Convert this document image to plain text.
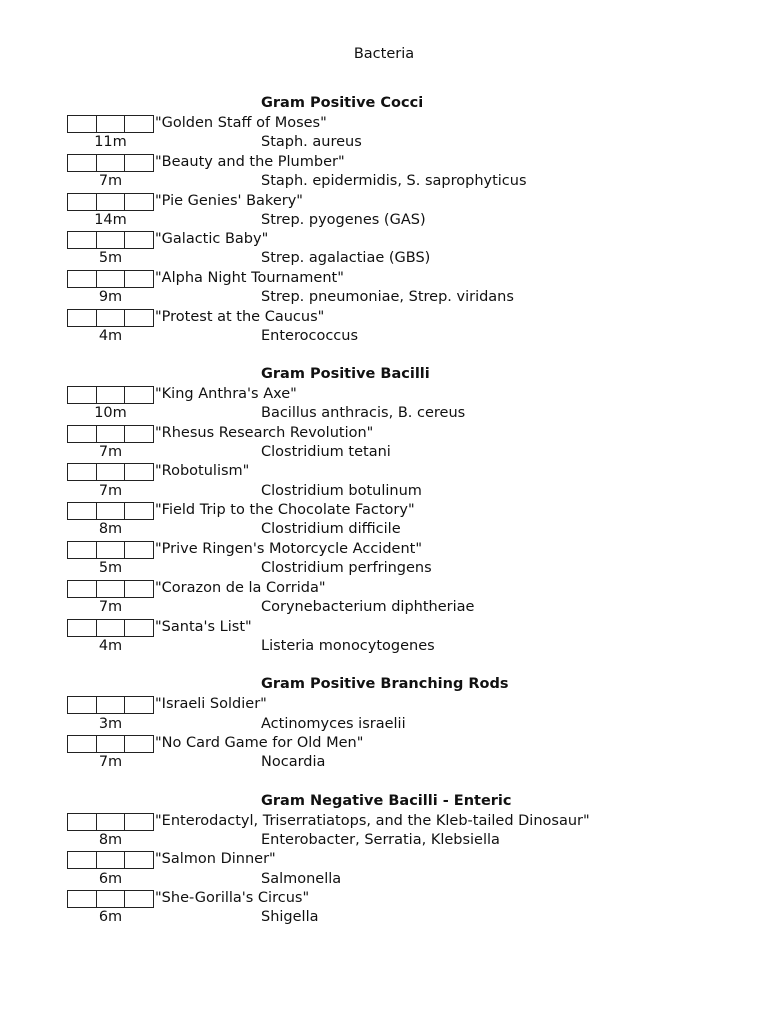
Bacteria
Gram Positive Cocci
"Golden Staff of Moses"
11m	Staph. aureus
"Beauty and the Plumber"
7m	Staph. epidermidis, S. saprophyticus
"Pie Genies' Bakery"
14m	Strep. pyogenes (GAS)
"Galactic Baby"
5m	Strep. agalactiae (GBS)
"Alpha Night Tournament"
9m	Strep. pneumoniae, Strep. viridans
"Protest at the Caucus"
4m	Enterococcus
Gram Positive Bacilli
"King Anthra's Axe"
10m	Bacillus anthracis, B. cereus
"Rhesus Research Revolution"
7m	Clostridium tetani
"Robotulism"
7m	Clostridium botulinum
"Field Trip to the Chocolate Factory"
8m	Clostridium difficile
"Prive Ringen's Motorcycle Accident"
5m	Clostridium perfringens
"Corazon de la Corrida"
7m	Corynebacterium diphtheriae
"Santa's List"
4m	Listeria monocytogenes
Gram Positive Branching Rods
"Israeli Soldier"
3m	Actinomyces israelii
"No Card Game for Old Men"
7m	Nocardia
Gram Negative Bacilli - Enteric
"Enterodactyl, Triserratiatops, and the Kleb-tailed Dinosaur"
8m	Enterobacter, Serratia, Klebsiella
"Salmon Dinner"
6m	Salmonella
"She-Gorilla's Circus"
6m	Shigella
